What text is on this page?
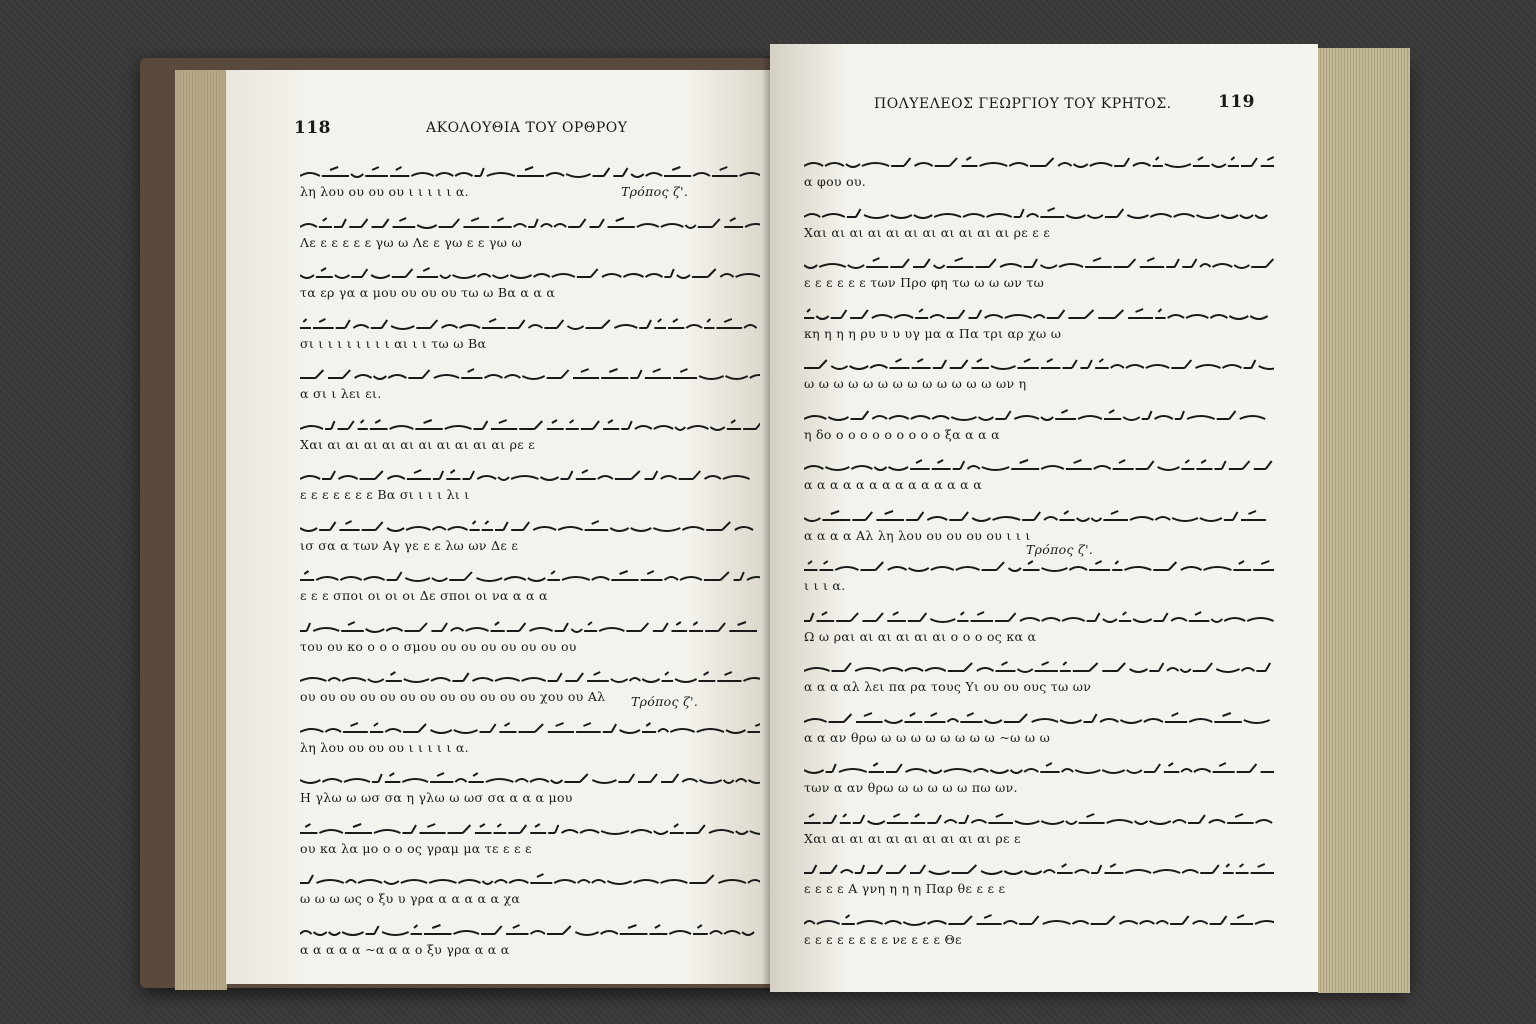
118	ΑΚΟΛΟΥΘΙΑ ΤΟΥ ΟΡΘΡΟΥ
λη λου ου ου ου ι ι ι ι ι α.
Λε ε ε ε ε ε γω ω Λε ε γω ε ε γω ω
τα ερ γα α μου ου ου ου τω ω Βα α α α
σι ι ι ι ι ι ι ι ι αι ι ι τω ω Βα
α σι ι λει ει.
Χαι αι αι αι αι αι αι αι αι αι αι ρε ε
ε ε ε ε ε ε ε Βα σι ι ι ι λι ι
ισ σα α των Αγ γε ε ε λω ων Δε ε
ε ε ε σποι οι οι οι Δε σποι οι να α α α
του ου κο ο ο ο σμου ου ου ου ου ου ου ου
ου ου ου ου ου ου ου ου ου ου ου ου χου ου Αλ
λη λου ου ου ου ι ι ι ι ι α.
Η γλω ω ωσ σα η γλω ω ωσ σα α α α μου
ου κα λα μο ο ο ος γραμ μα τε ε ε ε
ω ω ω ως ο ξυ υ γρα α α α α α χα
α α α α α ~α α α ο ξυ γρα α α α
Τρόπος ζ'.
Τρόπος ζ'.
ΠΟΛΥΕΛΕΟΣ ΓΕΩΡΓΙΟΥ ΤΟΥ ΚΡΗΤΟΣ.	119
α φου ου.
Χαι αι αι αι αι αι αι αι αι αι αι ρε ε ε
ε ε ε ε ε ε των Προ φη τω ω ω ων τω
κη η η η ρυ υ υ υγ μα α Πα τρι αρ χω ω
ω ω ω ω ω ω ω ω ω ω ω ω ω ων η
η δο ο ο ο ο ο ο ο ο ο ξα α α α
α α α α α α α α α α α α α α
α α α α Αλ λη λου ου ου ου ου ι ι ι
ι ι ι α.
Ω ω ραι αι αι αι αι αι ο ο ο ος κα α
α α α αλ λει πα ρα τους Υι ου ου ους τω ων
α α αν θρω ω ω ω ω ω ω ω ω ~ω ω ω
των α αν θρω ω ω ω ω ω πω ων.
Χαι αι αι αι αι αι αι αι αι αι ρε ε
ε ε ε ε Α γνη η η η Παρ θε ε ε ε
ε ε ε ε ε ε ε ε νε ε ε ε Θε
Τρόπος ζ'.
